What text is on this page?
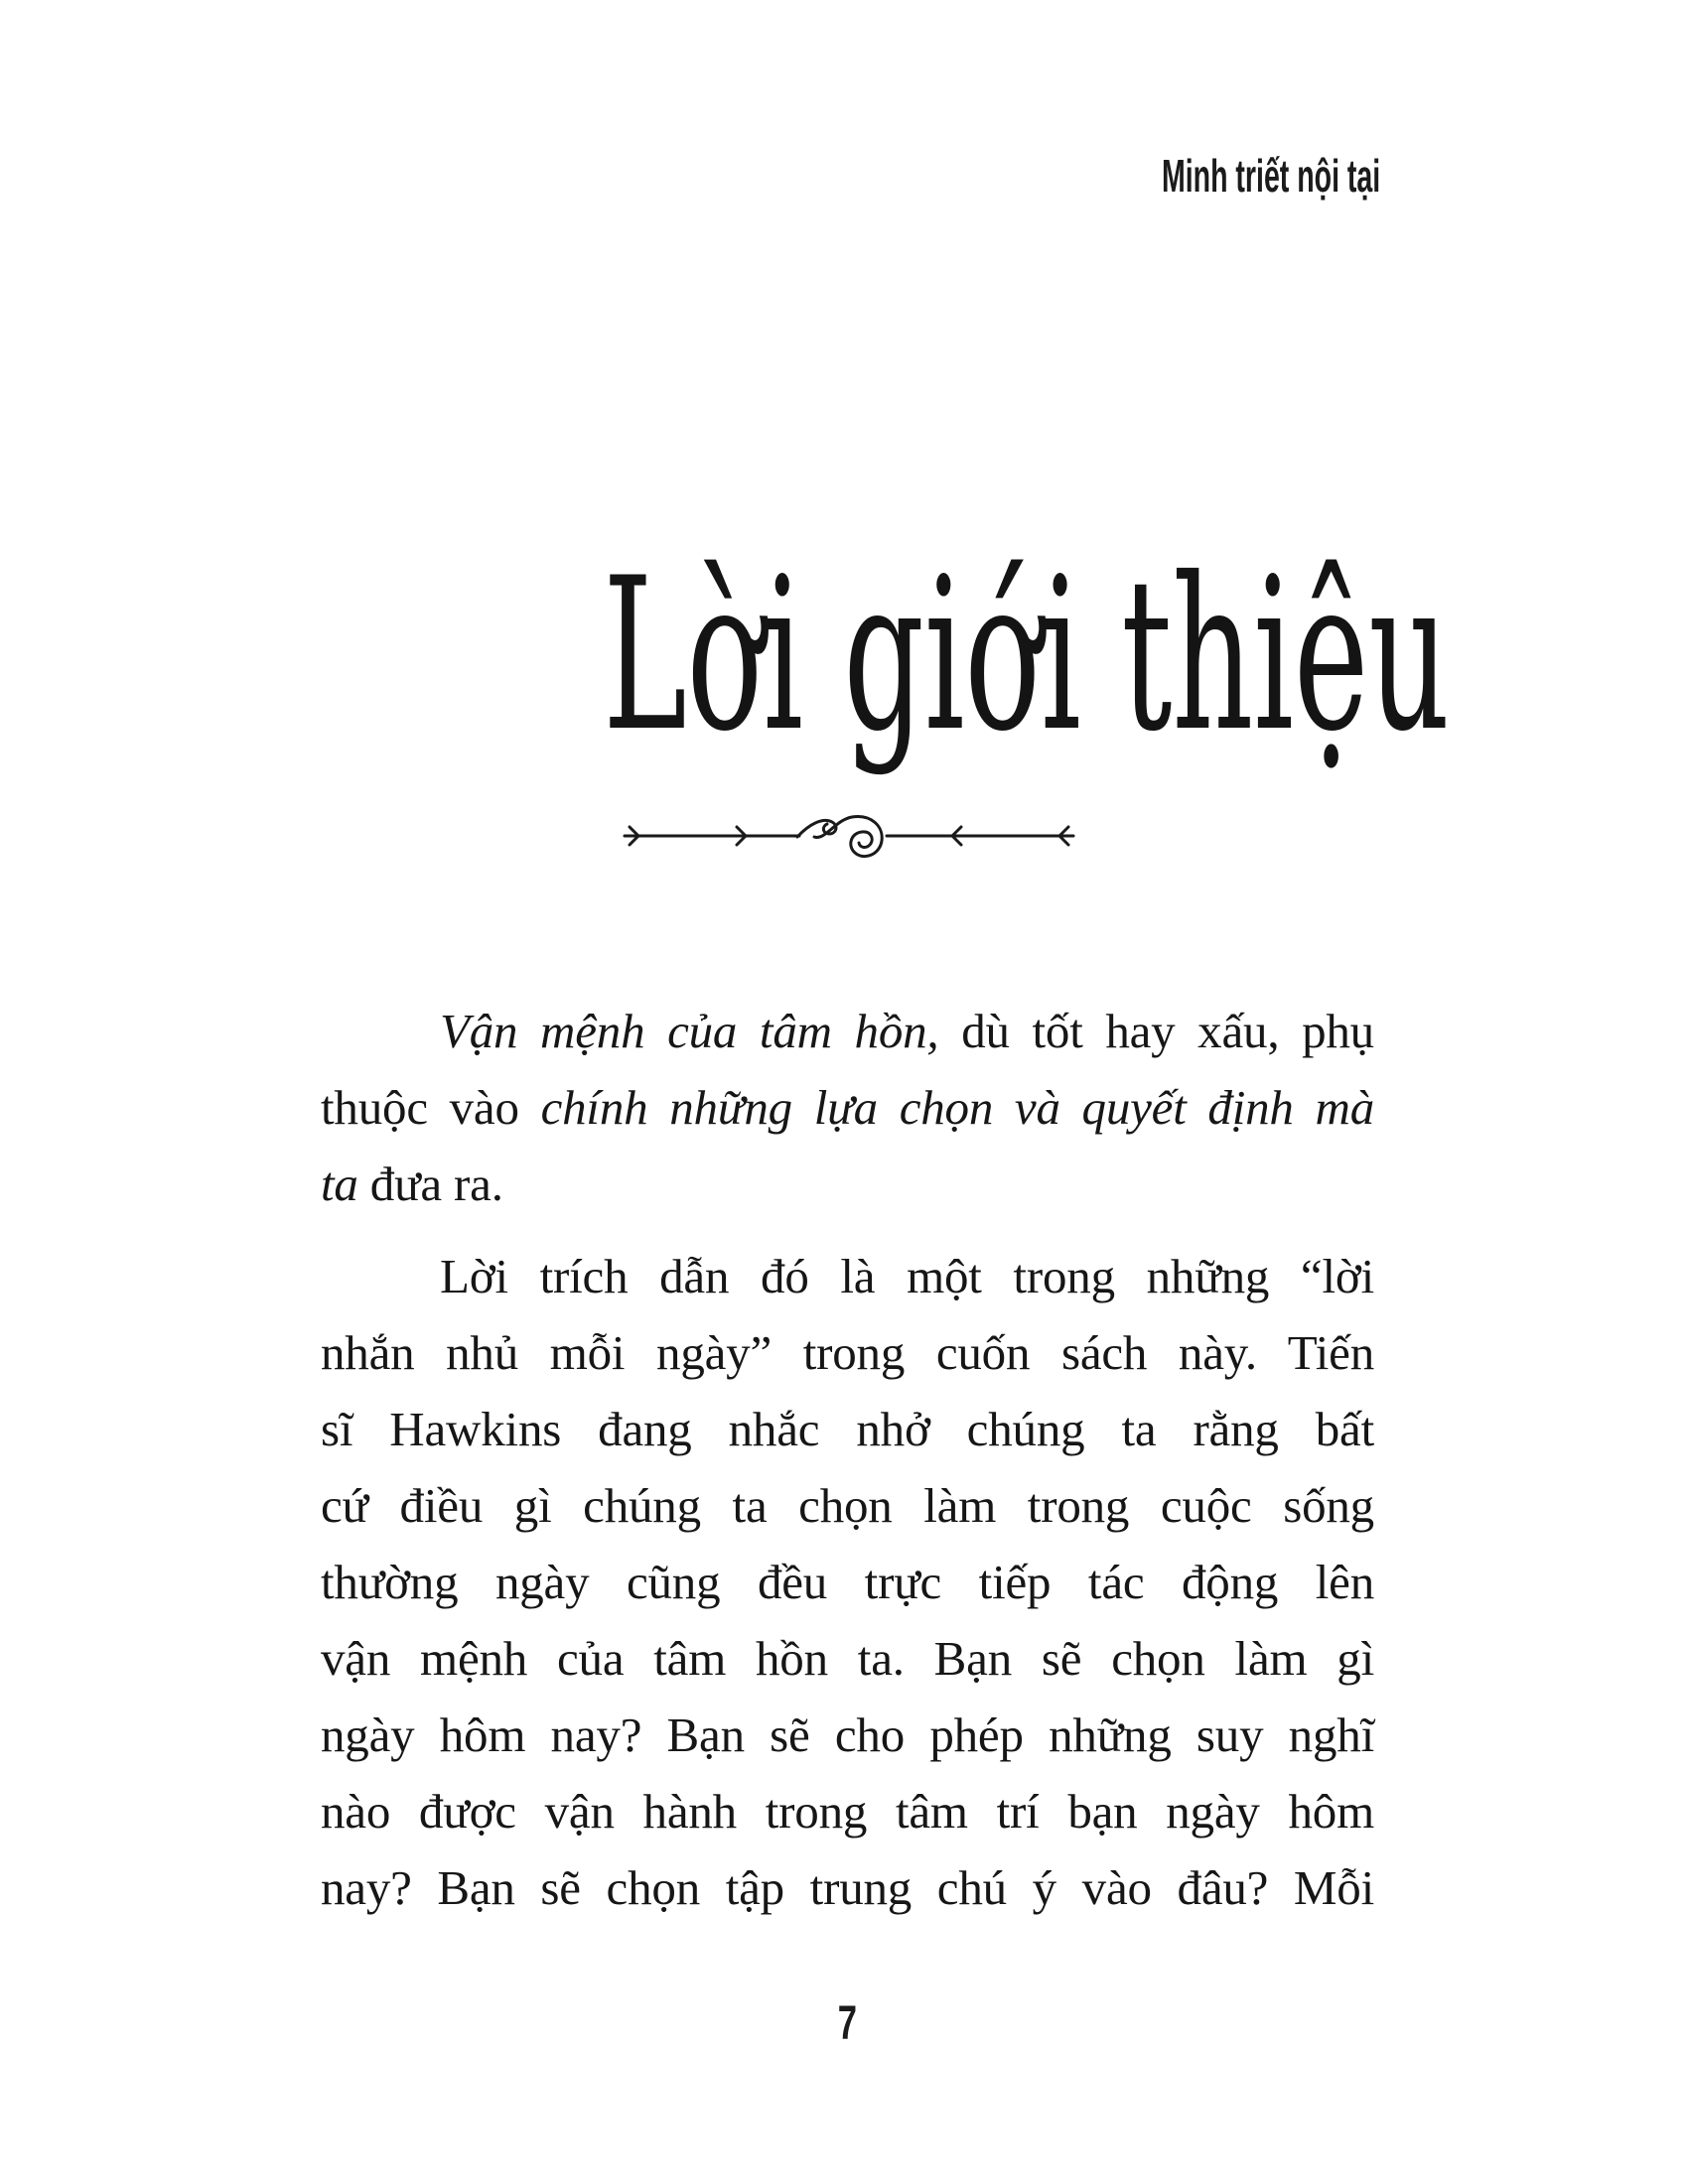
Minh triết nội tại
Lời giới thiệu
Vận mệnh của tâm hồn, dù tốt hay xấu, phụ
thuộc vào chính những lựa chọn và quyết định mà
ta đưa ra.
Lời trích dẫn đó là một trong những “lời
nhắn nhủ mỗi ngày” trong cuốn sách này. Tiến
sĩ Hawkins đang nhắc nhở chúng ta rằng bất
cứ điều gì chúng ta chọn làm trong cuộc sống
thường ngày cũng đều trực tiếp tác động lên
vận mệnh của tâm hồn ta. Bạn sẽ chọn làm gì
ngày hôm nay? Bạn sẽ cho phép những suy nghĩ
nào được vận hành trong tâm trí bạn ngày hôm
nay? Bạn sẽ chọn tập trung chú ý vào đâu? Mỗi
7
